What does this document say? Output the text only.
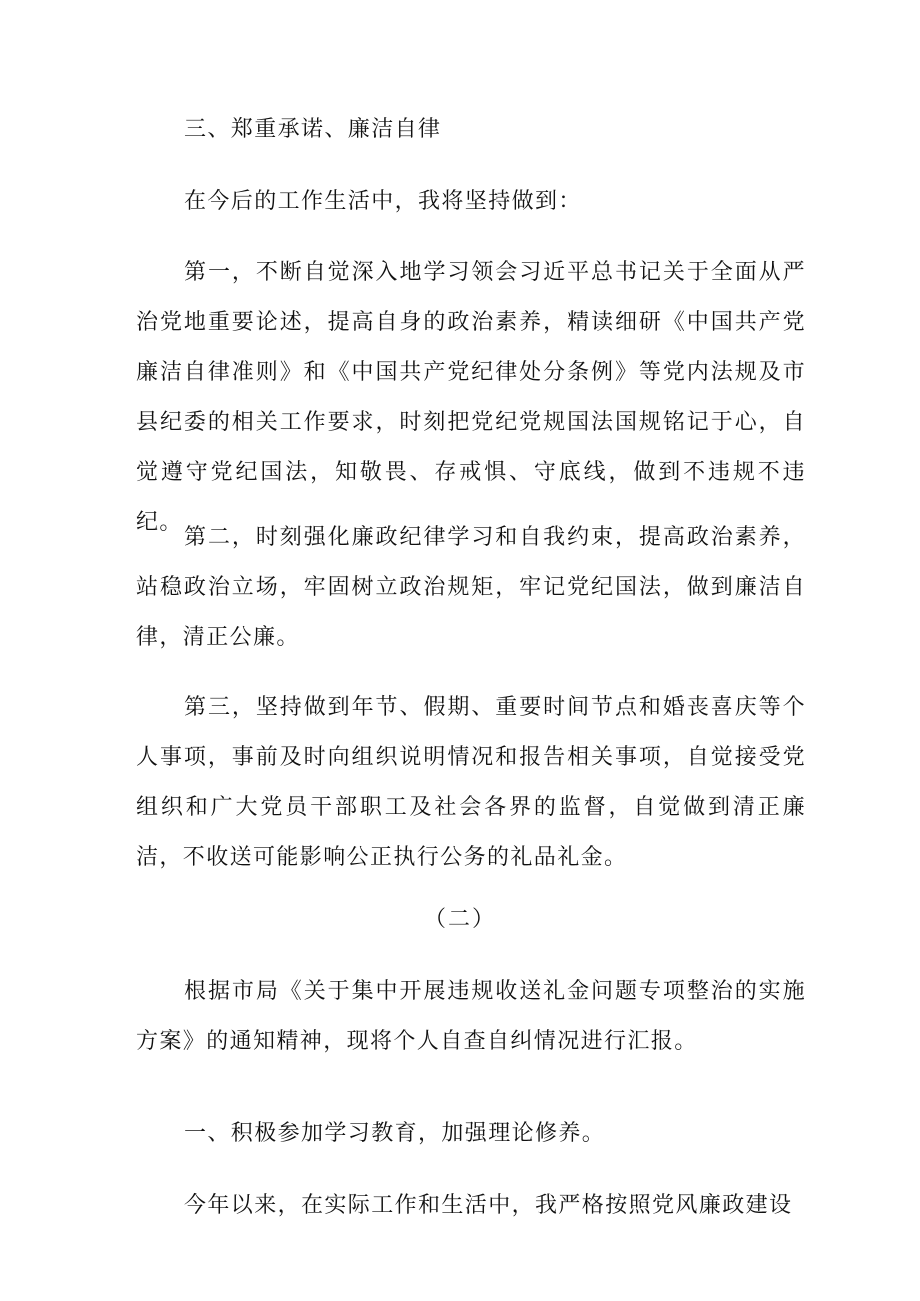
三、郑重承诺、廉洁自律

在今后的工作生活中，我将坚持做到：

第一，不断自觉深入地学习领会习近平总书记关于全面从严治党地重要论述，提高自身的政治素养，精读细研《中国共产党廉洁自律准则》和《中国共产党纪律处分条例》等党内法规及市县纪委的相关工作要求，时刻把党纪党规国法国规铭记于心，自觉遵守党纪国法，知敬畏、存戒惧、守底线，做到不违规不违纪。

第二，时刻强化廉政纪律学习和自我约束，提高政治素养，站稳政治立场，牢固树立政治规矩，牢记党纪国法，做到廉洁自律，清正公廉。

第三，坚持做到年节、假期、重要时间节点和婚丧喜庆等个人事项，事前及时向组织说明情况和报告相关事项，自觉接受党组织和广大党员干部职工及社会各界的监督，自觉做到清正廉洁，不收送可能影响公正执行公务的礼品礼金。

（二）

根据市局《关于集中开展违规收送礼金问题专项整治的实施方案》的通知精神，现将个人自查自纠情况进行汇报。

一、积极参加学习教育，加强理论修养。

今年以来，在实际工作和生活中，我严格按照党风廉政建设
